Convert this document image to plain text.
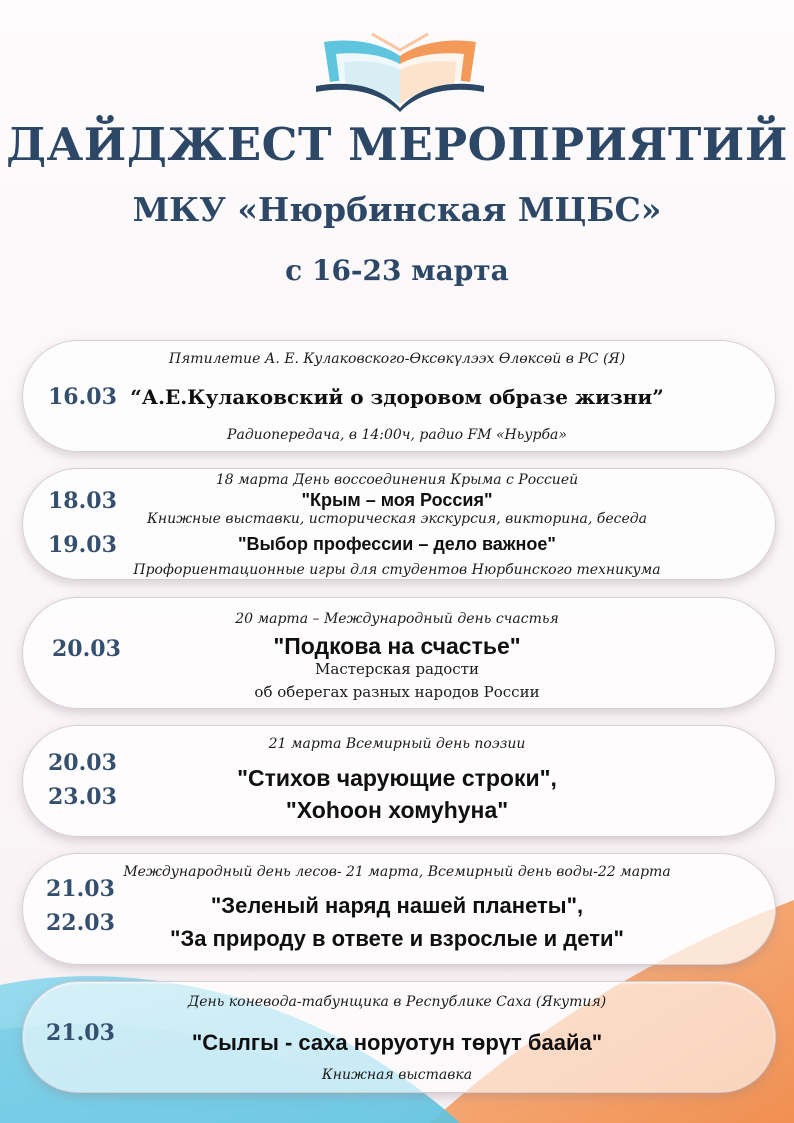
ДАЙДЖЕСТ МЕРОПРИЯТИЙ
МКУ «Нюрбинская МЦБС»
с 16-23 марта
16.03
Пятилетие А. Е. Кулаковского-Өксөкүлээх Өлөксөй в РС (Я)
“А.Е.Кулаковский о здоровом образе жизни”
Радиопередача, в 14:00ч, радио FM «Ньурба»
18.03
19.03
18 марта День воссоединения Крыма с Россией
"Крым – моя Россия"
Книжные выставки, историческая экскурсия, викторина, беседа
"Выбор профессии – дело важное"
Профориентационные игры для студентов Нюрбинского техникума
20.03
20 марта – Международный день счастья
"Подкова на счастье"
Мастерская радости
об оберегах разных народов России
20.03
23.03
21 марта Всемирный день поэзии
"Стихов чарующие строки",
"Хоһоон хомуһуна"
21.03
22.03
Международный день лесов- 21 марта, Всемирный день воды-22 марта
"Зеленый наряд нашей планеты",
"За природу в ответе и взрослые и дети"
21.03
День коневода-табунщика в Республике Саха (Якутия)
"Сылгы - саха норуотун төрүт баайа"
Книжная выставка
